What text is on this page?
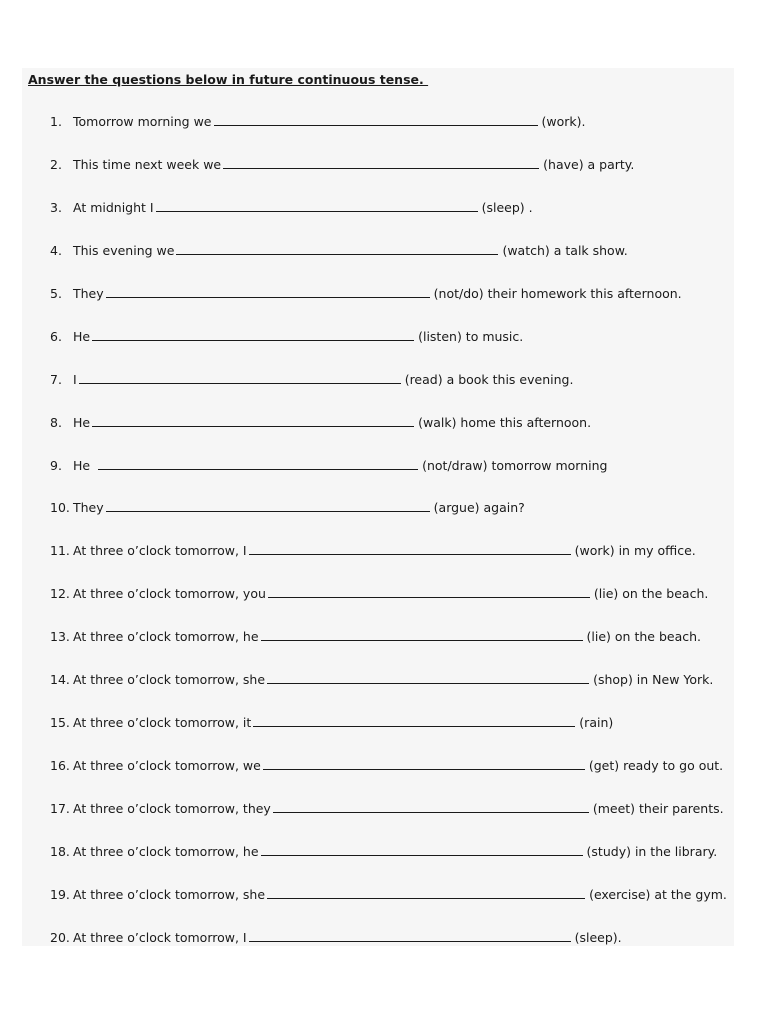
Answer the questions below in future continuous tense.
1. Tomorrow morning we	(work).
2. This time next week we	(have) a party.
3. At midnight I	(sleep) .
4. This evening we	(watch) a talk show.
5. They	(not/do) their homework this afternoon.
6. He	(listen) to music.
7. I	(read) a book this evening.
8. He	(walk) home this afternoon.
9. He	(not/draw) tomorrow morning
10. They	(argue) again?
11. At three o’clock tomorrow, I	(work) in my office.
12. At three o’clock tomorrow, you	(lie) on the beach.
13. At three o’clock tomorrow, he	(lie) on the beach.
14. At three o’clock tomorrow, she	(shop) in New York.
15. At three o’clock tomorrow, it	(rain)
16. At three o’clock tomorrow, we	(get) ready to go out.
17. At three o’clock tomorrow, they	(meet) their parents.
18. At three o’clock tomorrow, he	(study) in the library.
19. At three o’clock tomorrow, she	(exercise) at the gym.
20. At three o’clock tomorrow, I	(sleep).
